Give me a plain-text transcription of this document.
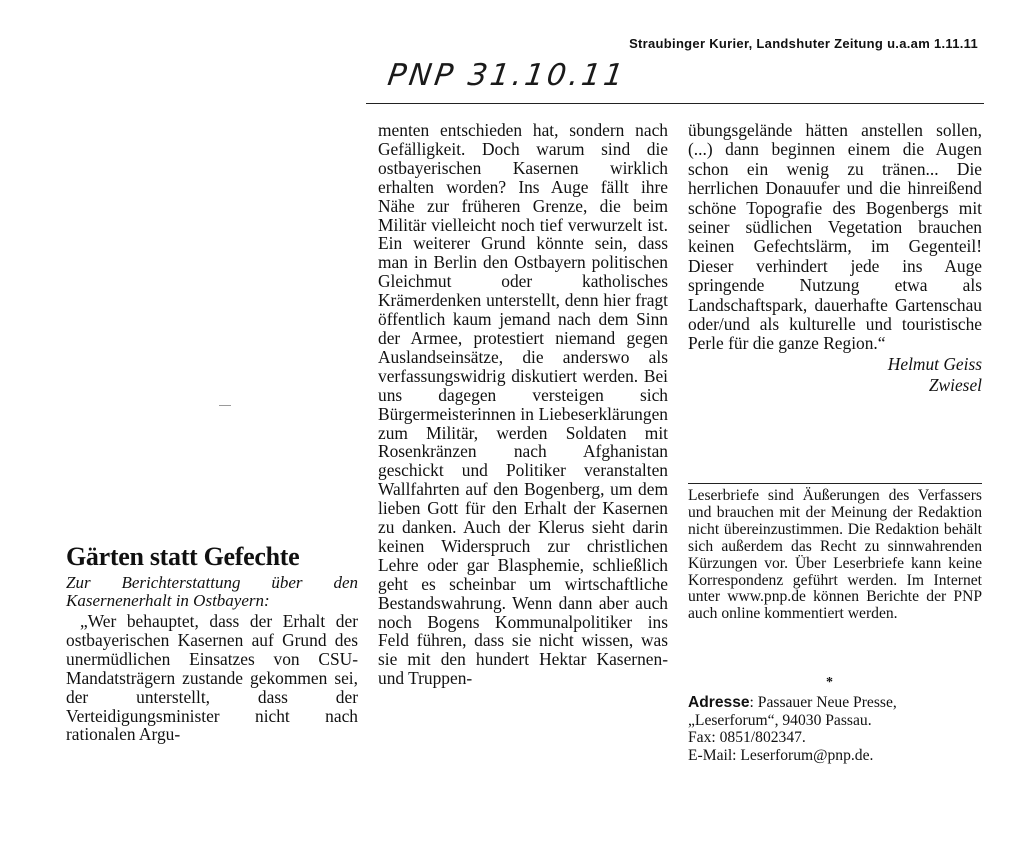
Straubinger Kurier, Landshuter Zeitung u.a.am 1.11.11
PNP 31.10.11
Gärten statt Gefechte

Zur Berichterstattung über den Kasernenerhalt in Ostbayern:

„Wer behauptet, dass der Erhalt der ostbayerischen Kasernen auf Grund des unermüdlichen Einsatzes von CSU-Mandatsträgern zustande gekommen sei, der unterstellt, dass der Verteidigungsminister nicht nach rationalen Argu-

menten entschieden hat, sondern nach Gefälligkeit. Doch warum sind die ostbayerischen Kasernen wirklich erhalten worden? Ins Auge fällt ihre Nähe zur früheren Grenze, die beim Militär vielleicht noch tief verwurzelt ist. Ein weiterer Grund könnte sein, dass man in Berlin den Ostbayern politischen Gleichmut oder katholisches Krämerdenken unterstellt, denn hier fragt öffentlich kaum jemand nach dem Sinn der Armee, protestiert niemand gegen Auslandseinsätze, die anderswo als verfassungswidrig diskutiert werden. Bei uns dagegen versteigen sich Bürgermeisterinnen in Liebeserklärungen zum Militär, werden Soldaten mit Rosenkränzen nach Afghanistan geschickt und Politiker veranstalten Wallfahrten auf den Bogenberg, um dem lieben Gott für den Erhalt der Kasernen zu danken. Auch der Klerus sieht darin keinen Widerspruch zur christlichen Lehre oder gar Blasphemie, schließlich geht es scheinbar um wirtschaftliche Bestandswahrung. Wenn dann aber auch noch Bogens Kommunalpolitiker ins Feld führen, dass sie nicht wissen, was sie mit den hundert Hektar Kasernen- und Truppen-

übungsgelände hätten anstellen sollen, (...) dann beginnen einem die Augen schon ein wenig zu tränen... Die herrlichen Donauufer und die hinreißend schöne Topografie des Bogenbergs mit seiner südlichen Vegetation brauchen keinen Gefechtslärm, im Gegenteil! Dieser verhindert jede ins Auge springende Nutzung etwa als Landschaftspark, dauerhafte Gartenschau oder/und als kulturelle und touristische Perle für die ganze Region.“

Helmut Geiss
Zwiesel
Leserbriefe sind Äußerungen des Verfassers und brauchen mit der Meinung der Redaktion nicht übereinzustimmen. Die Redaktion behält sich außerdem das Recht zu sinnwahrenden Kürzungen vor. Über Leserbriefe kann keine Korrespondenz geführt werden. Im Internet unter www.pnp.de können Berichte der PNP auch online kommentiert werden.
*
Adresse: Passauer Neue Presse, „Leserforum“, 94030 Passau.
Fax: 0851/802347.
E-Mail: Leserforum@pnp.de.
